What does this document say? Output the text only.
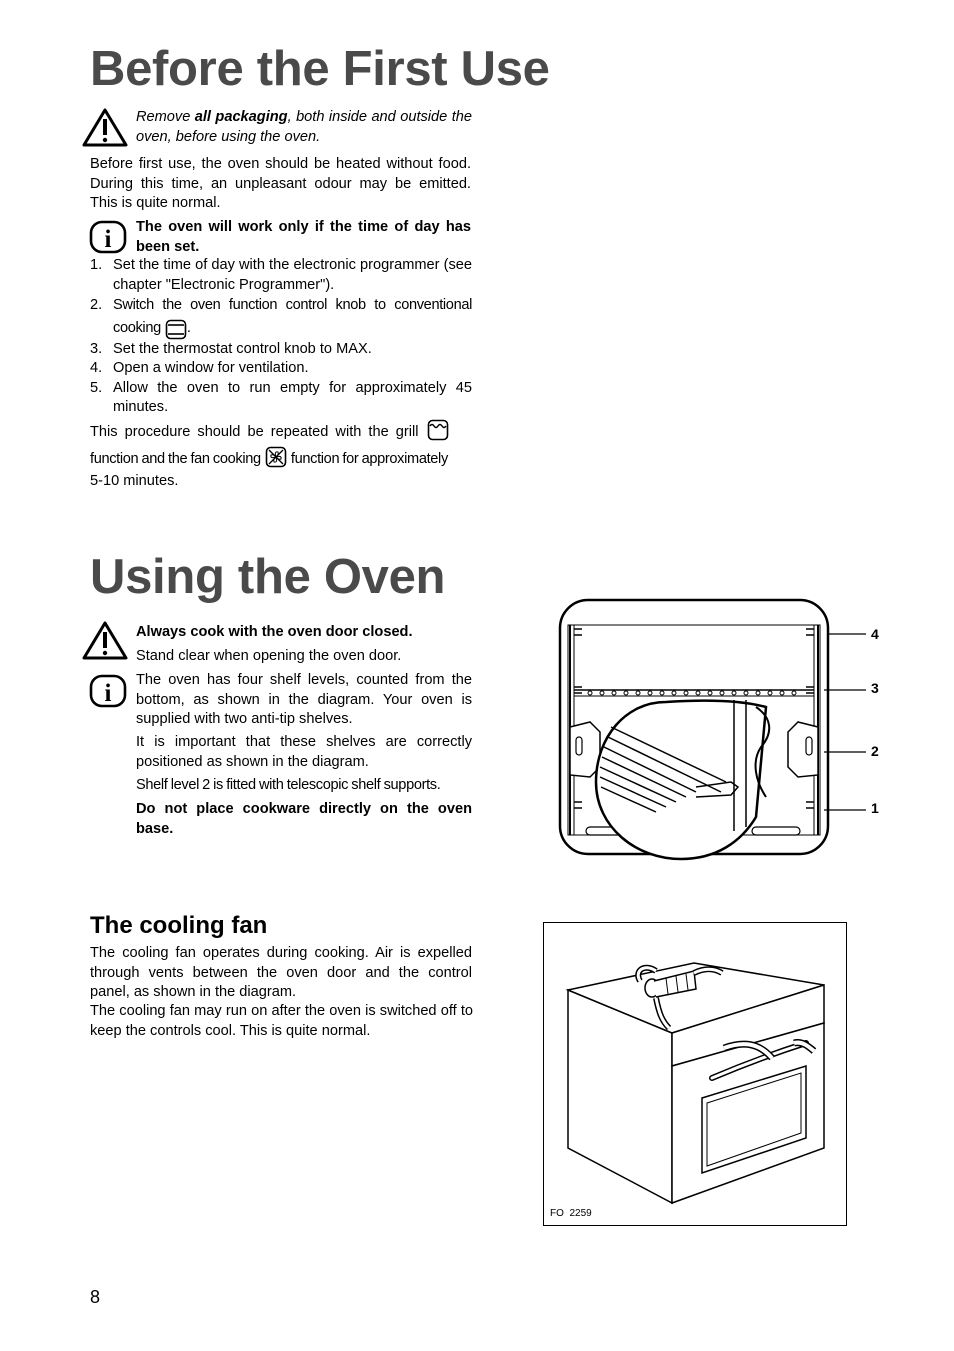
Before the First Use
Remove all packaging, both inside and outside the oven, before using the oven.
Before first use, the oven should be heated without food. During this time, an unpleasant odour may be emitted. This is quite normal.
i The oven will work only if the time of day has been set.
1. Set the time of day with the electronic programmer (see chapter "Electronic Programmer").
2. Switch the oven function control knob to conventional cooking .
3. Set the thermostat control knob to MAX.
4. Open a window for ventilation.
5. Allow the oven to run empty for approximately 45 minutes.
This procedure should be repeated with the grill
function and the fan cooking function for approximately
5-10 minutes.
Using the Oven
Always cook with the oven door closed.
Stand clear when opening the oven door.
i The oven has four shelf levels, counted from the bottom, as shown in the diagram. Your oven is supplied with two anti-tip shelves.
It is important that these shelves are correctly positioned as shown in the diagram.
Shelf level 2 is fitted with telescopic shelf supports.
Do not place cookware directly on the oven base.
4
3
2
1
The cooling fan
The cooling fan operates during cooking. Air is expelled through vents between the oven door and the control panel, as shown in the diagram.
The cooling fan may run on after the oven is switched off to keep the controls cool. This is quite normal.
FO  2259
8
